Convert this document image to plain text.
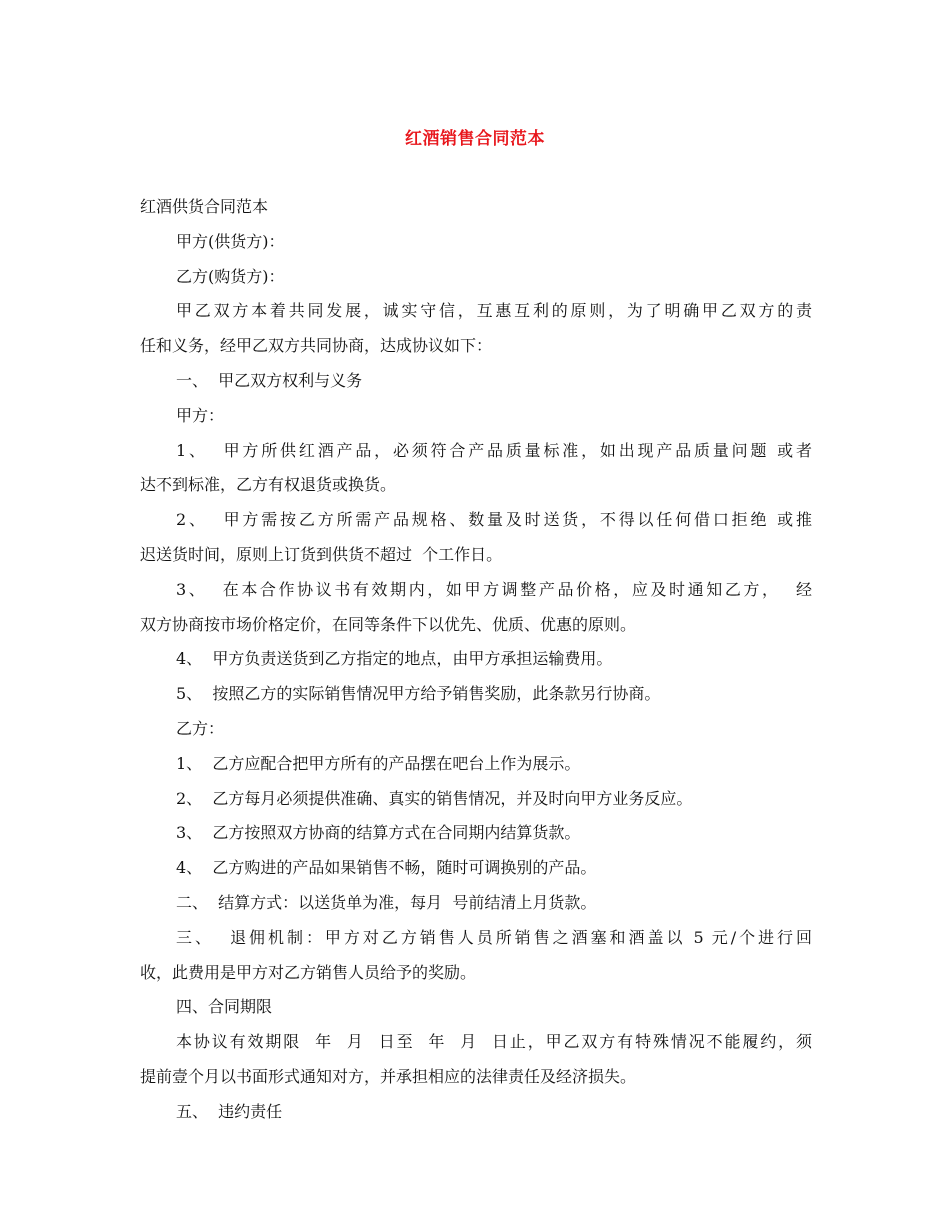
红酒销售合同范本

红酒供货合同范本

甲方(供货方)：

乙方(购货方)：

甲乙双方本着共同发展，诚实守信，互惠互利的原则，为了明确甲乙双方的责

任和义务，经甲乙双方共同协商，达成协议如下：

一、  甲乙双方权利与义务

甲方：

1、  甲方所供红酒产品，必须符合产品质量标准，如出现产品质量问题 或者

达不到标准，乙方有权退货或换货。

2、  甲方需按乙方所需产品规格、数量及时送货，不得以任何借口拒绝 或推

迟送货时间，原则上订货到供货不超过  个工作日。

3、  在本合作协议书有效期内，如甲方调整产品价格，应及时通知乙方，  经

双方协商按市场价格定价，在同等条件下以优先、优质、优惠的原则。

4、  甲方负责送货到乙方指定的地点，由甲方承担运输费用。

5、  按照乙方的实际销售情况甲方给予销售奖励，此条款另行协商。

乙方：

1、  乙方应配合把甲方所有的产品摆在吧台上作为展示。

2、  乙方每月必须提供准确、真实的销售情况，并及时向甲方业务反应。

3、  乙方按照双方协商的结算方式在合同期内结算货款。

4、  乙方购进的产品如果销售不畅，随时可调换别的产品。

二、  结算方式：以送货单为准，每月  号前结清上月货款。

三、  退佣机制：甲方对乙方销售人员所销售之酒塞和酒盖以 5 元/个进行回

收，此费用是甲方对乙方销售人员给予的奖励。

四、合同期限

本协议有效期限  年  月  日至  年  月  日止，甲乙双方有特殊情况不能履约，须

提前壹个月以书面形式通知对方，并承担相应的法律责任及经济损失。

五、  违约责任
